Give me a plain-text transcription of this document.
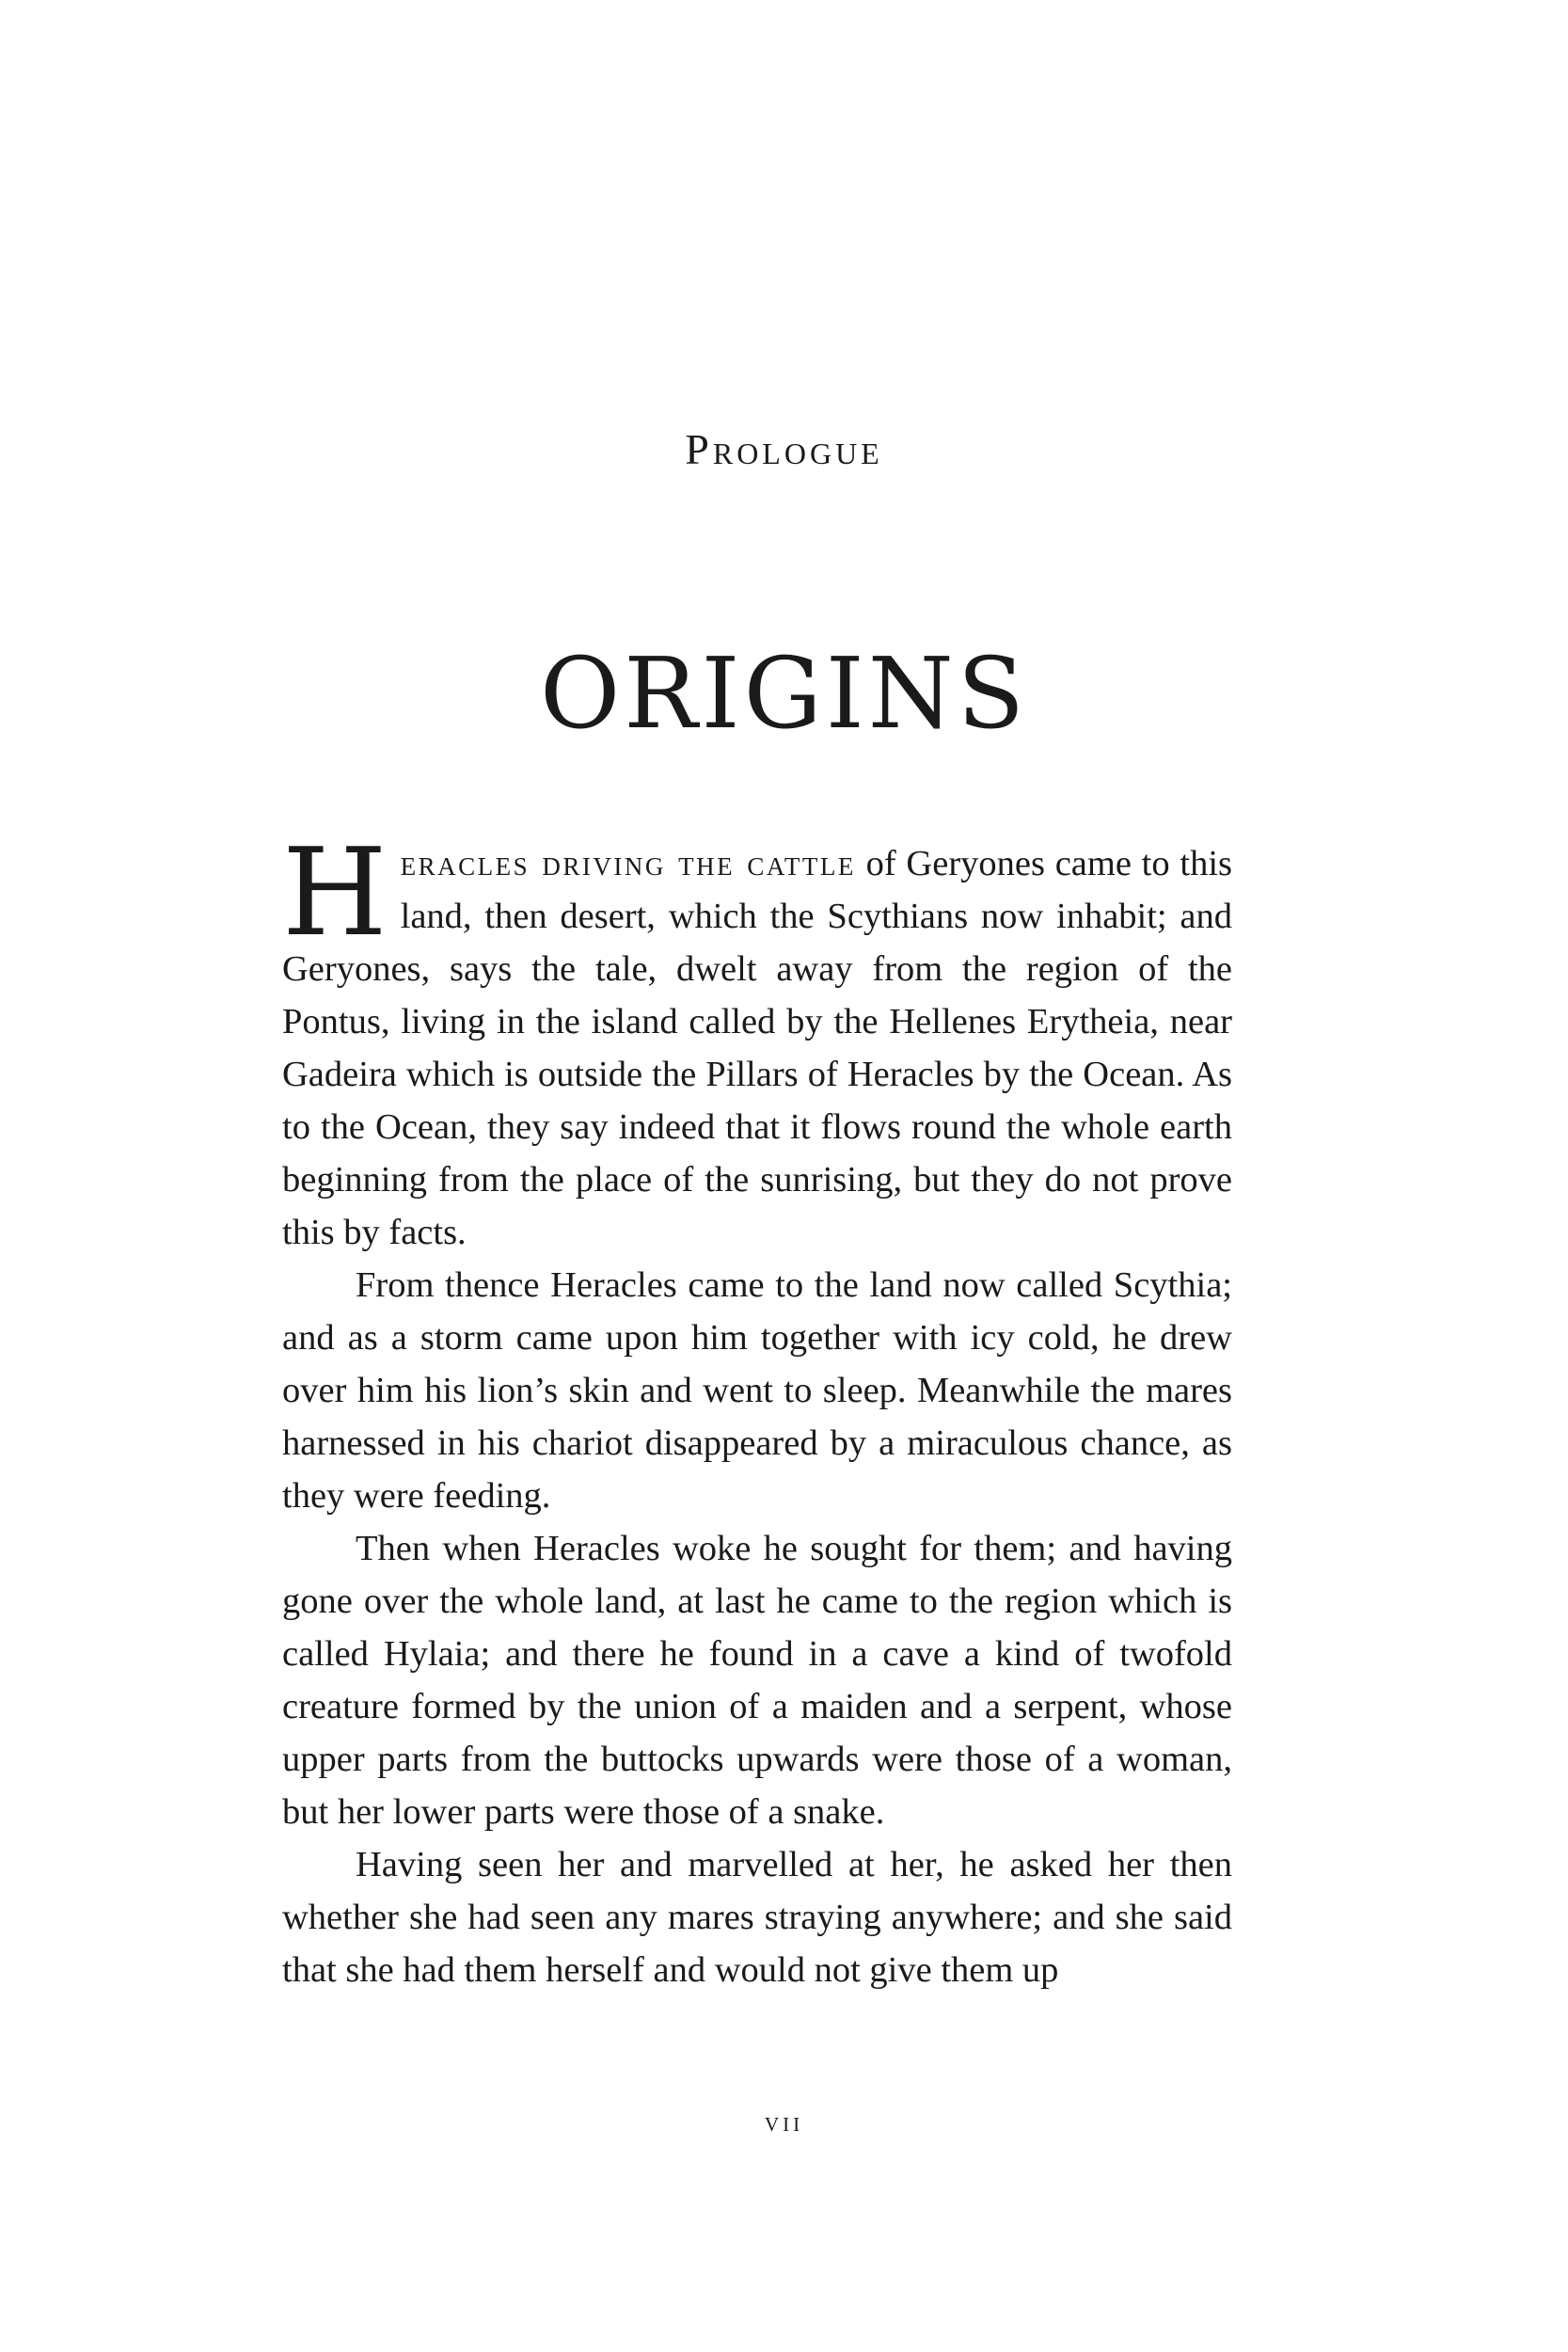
Prologue
ORIGINS

Heracles driving the cattle of Geryones came to this land, then desert, which the Scythians now inhabit; and Geryones, says the tale, dwelt away from the region of the Pontus, living in the island called by the Hellenes Erytheia, near Gadeira which is outside the Pillars of Heracles by the Ocean. As to the Ocean, they say indeed that it flows round the whole earth beginning from the place of the sunrising, but they do not prove this by facts.

From thence Heracles came to the land now called Scythia; and as a storm came upon him together with icy cold, he drew over him his lion’s skin and went to sleep. Meanwhile the mares harnessed in his chariot disappeared by a miraculous chance, as they were feeding.

Then when Heracles woke he sought for them; and having gone over the whole land, at last he came to the region which is called Hylaia; and there he found in a cave a kind of twofold creature formed by the union of a maiden and a serpent, whose upper parts from the buttocks upwards were those of a woman, but her lower parts were those of a snake.

Having seen her and marvelled at her, he asked her then whether she had seen any mares straying anywhere; and she said that she had them herself and would not give them up

vii
